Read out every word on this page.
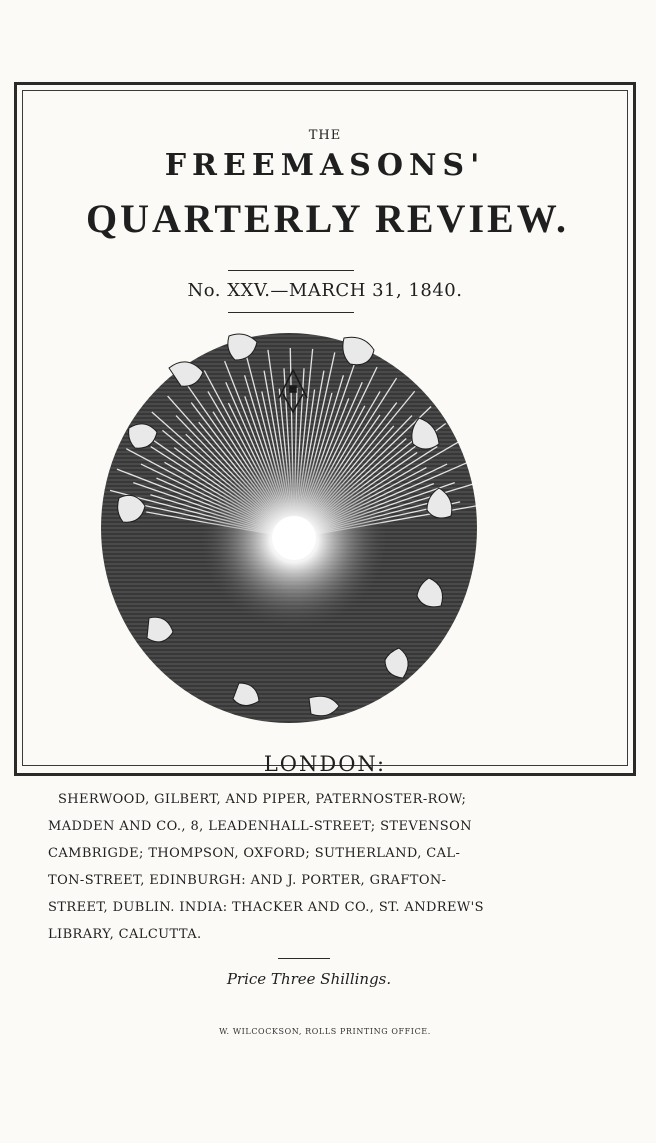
THE
FREEMASONS'
QUARTERLY REVIEW.
No. XXV.—MARCH 31, 1840.
LONDON:
SHERWOOD, GILBERT, AND PIPER, PATERNOSTER-ROW;
MADDEN AND CO., 8, LEADENHALL-STREET; STEVENSON
CAMBRIGDE; THOMPSON, OXFORD; SUTHERLAND, CAL-
TON-STREET, EDINBURGH: AND J. PORTER, GRAFTON-
STREET, DUBLIN. INDIA: THACKER AND CO., ST. ANDREW'S
LIBRARY, CALCUTTA.
Price Three Shillings.
W. WILCOCKSON, ROLLS PRINTING OFFICE.
